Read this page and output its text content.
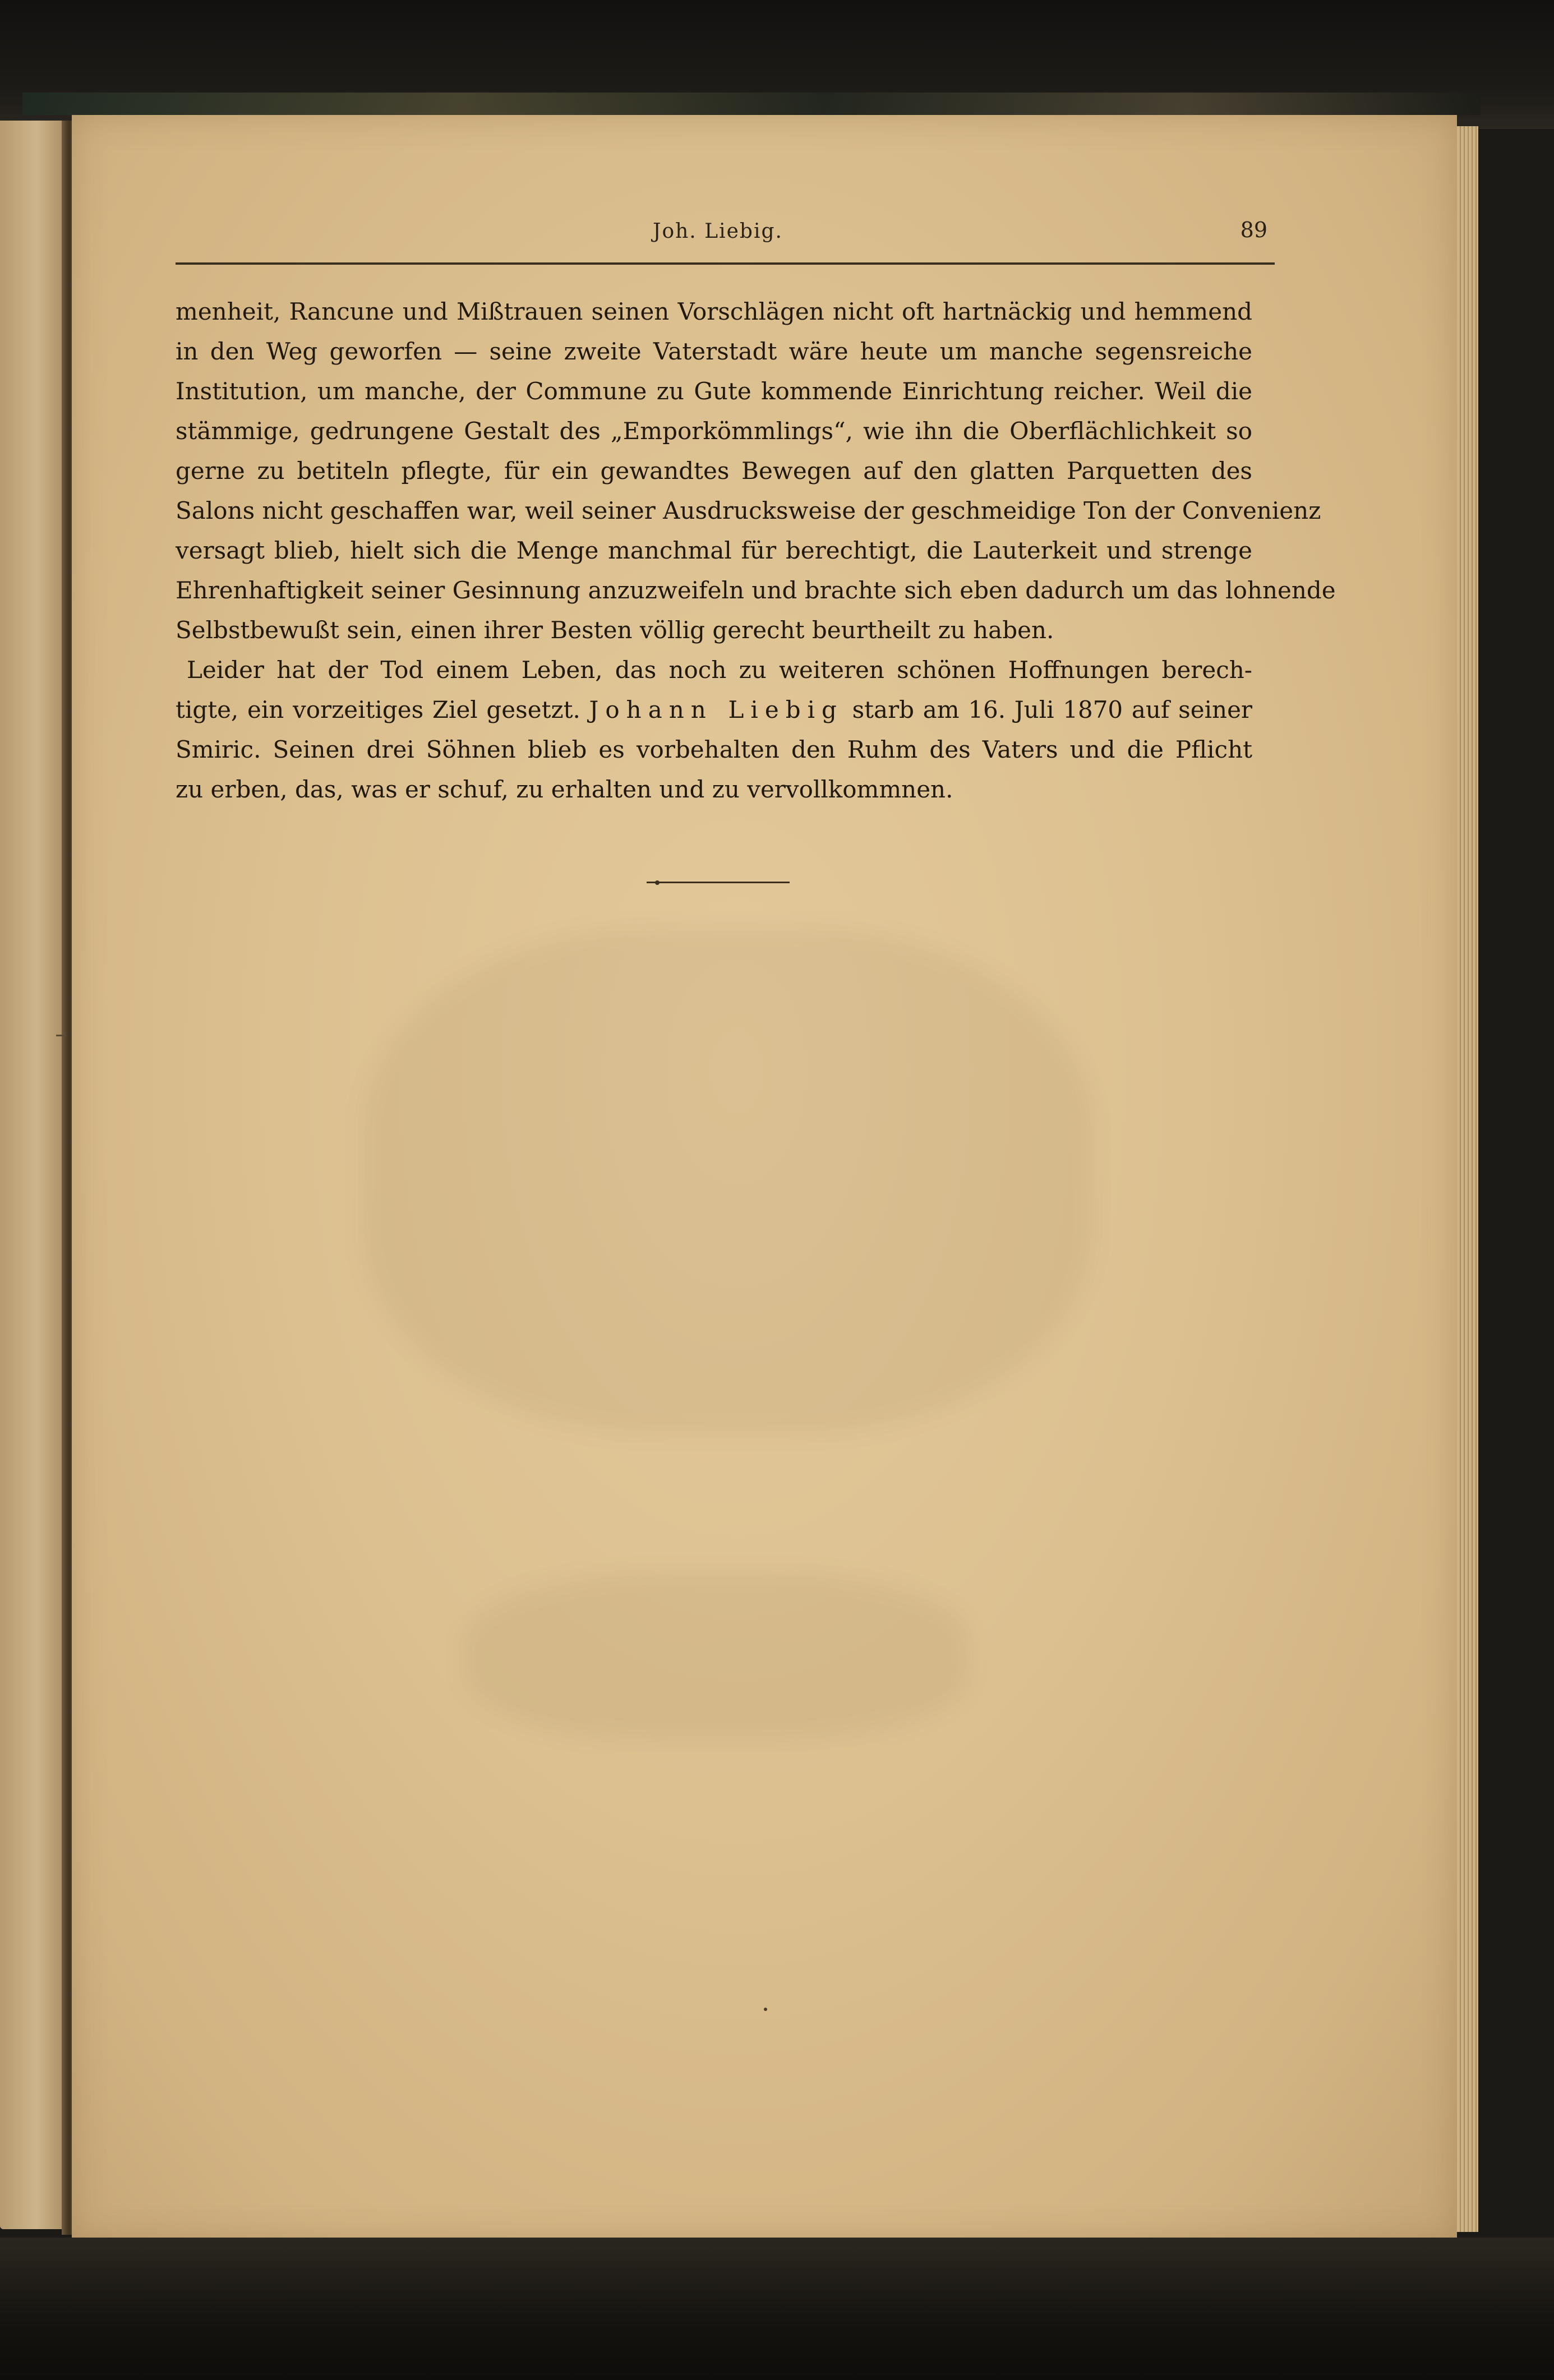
Joh. Liebig.	89
menheit, Rancune und Mißtrauen seinen Vorschlägen nicht oft hartnäckig und hemmend
in den Weg geworfen — seine zweite Vaterstadt wäre heute um manche segensreiche
Institution, um manche, der Commune zu Gute kommende Einrichtung reicher. Weil die
stämmige, gedrungene Gestalt des „Emporkömmlings“, wie ihn die Oberflächlichkeit so
gerne zu betiteln pflegte, für ein gewandtes Bewegen auf den glatten Parquetten des
Salons nicht geschaffen war, weil seiner Ausdrucksweise der geschmeidige Ton der Convenienz
versagt blieb, hielt sich die Menge manchmal für berechtigt, die Lauterkeit und strenge
Ehrenhaftigkeit seiner Gesinnung anzuzweifeln und brachte sich eben dadurch um das lohnende
Selbstbewußt sein, einen ihrer Besten völlig gerecht beurtheilt zu haben.
Leider hat der Tod einem Leben, das noch zu weiteren schönen Hoffnungen berech-
tigte, ein vorzeitiges Ziel gesetzt. Johann Liebig starb am 16. Juli 1870 auf seiner
Smiric. Seinen drei Söhnen blieb es vorbehalten den Ruhm des Vaters und die Pflicht
zu erben, das, was er schuf, zu erhalten und zu vervollkommnen.
